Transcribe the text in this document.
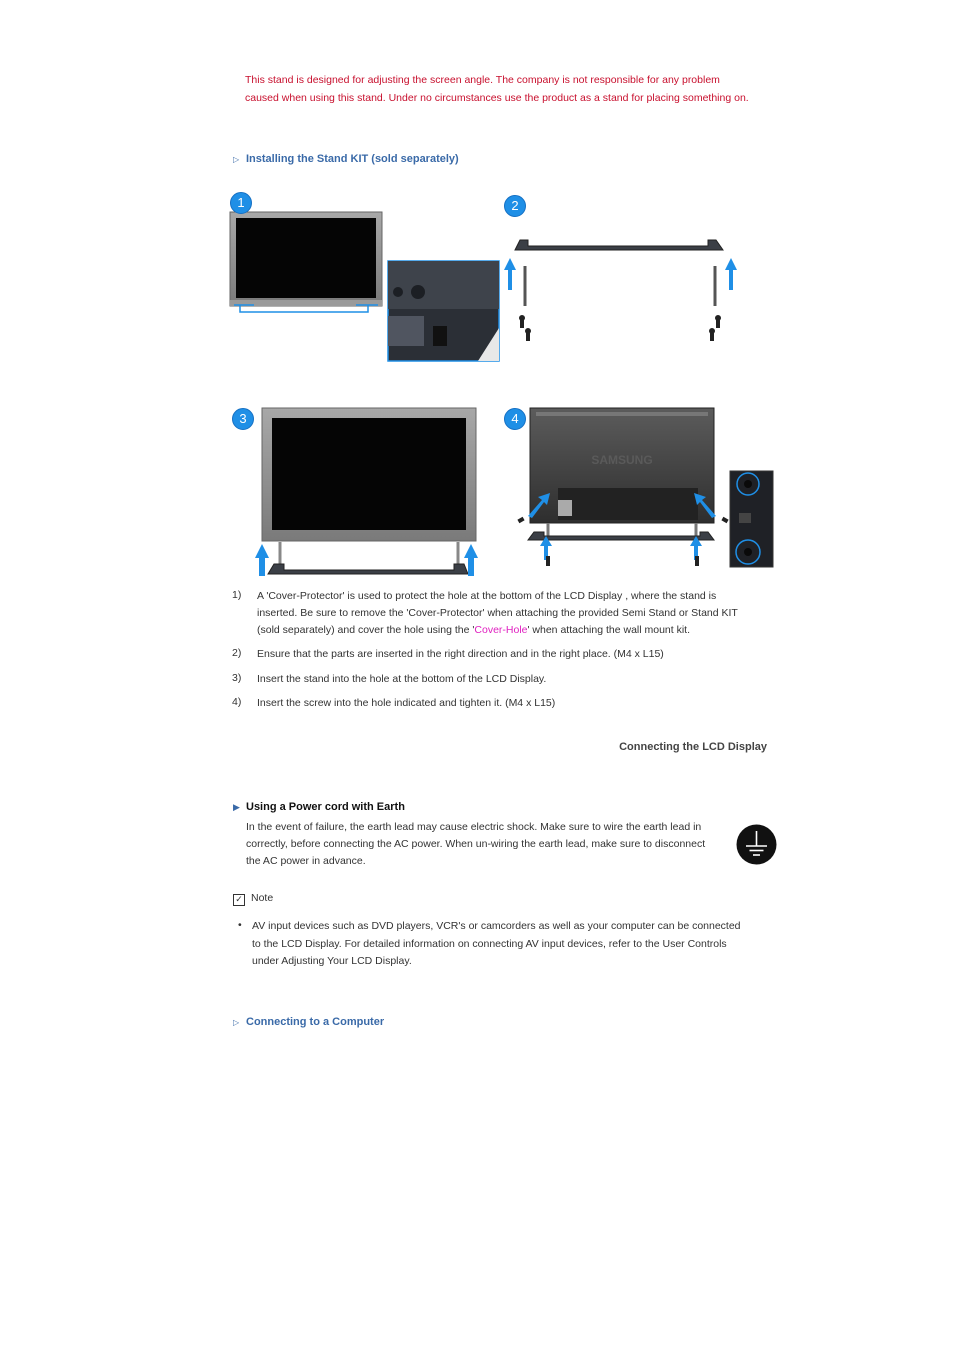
This stand is designed for adjusting the screen angle. The company is not responsible for any problem
caused when using this stand. Under no circumstances use the product as a stand for placing something on.
▷ Installing the Stand KIT (sold separately)
SAMSUNG
1	2
3	4
1)	A 'Cover-Protector' is used to protect the hole at the bottom of the LCD Display , where the stand is
inserted. Be sure to remove the 'Cover-Protector' when attaching the provided Semi Stand or Stand KIT
(sold separately) and cover the hole using the 'Cover-Hole' when attaching the wall mount kit.
2)	Ensure that the parts are inserted in the right direction and in the right place. (M4 x L15)
3)	Insert the stand into the hole at the bottom of the LCD Display.
4)	Insert the screw into the hole indicated and tighten it. (M4 x L15)
Connecting the LCD Display
▶ Using a Power cord with Earth
In the event of failure, the earth lead may cause electric shock. Make sure to wire the earth lead in
correctly, before connecting the AC power. When un-wiring the earth lead, make sure to disconnect
the AC power in advance.
✓ Note
• AV input devices such as DVD players, VCR's or camcorders as well as your computer can be connected
to the LCD Display. For detailed information on connecting AV input devices, refer to the User Controls
under Adjusting Your LCD Display.
▷ Connecting to a Computer
